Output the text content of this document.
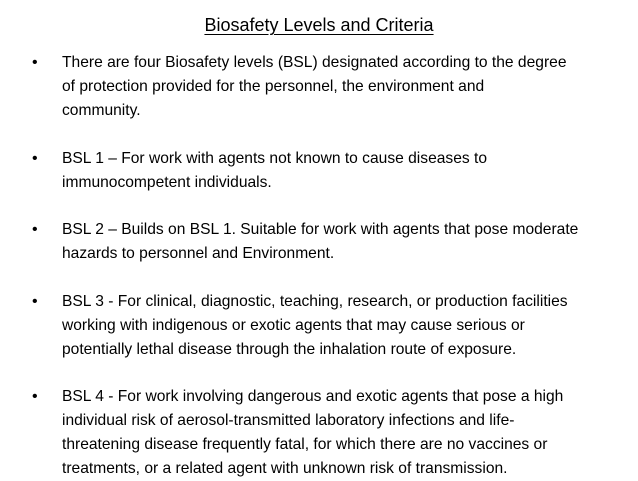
Biosafety Levels and Criteria
• There are four Biosafety levels (BSL) designated according to the degree
of protection provided for the personnel, the environment and
community.
• BSL 1 – For work with agents not known to cause diseases to
immunocompetent individuals.
• BSL 2 – Builds on BSL 1. Suitable for work with agents that pose moderate
hazards to personnel and Environment.
• BSL 3 - For clinical, diagnostic, teaching, research, or production facilities
working with indigenous or exotic agents that may cause serious or
potentially lethal disease through the inhalation route of exposure.
• BSL 4 - For work involving dangerous and exotic agents that pose a high
individual risk of aerosol-transmitted laboratory infections and life-
threatening disease frequently fatal, for which there are no vaccines or
treatments, or a related agent with unknown risk of transmission.
